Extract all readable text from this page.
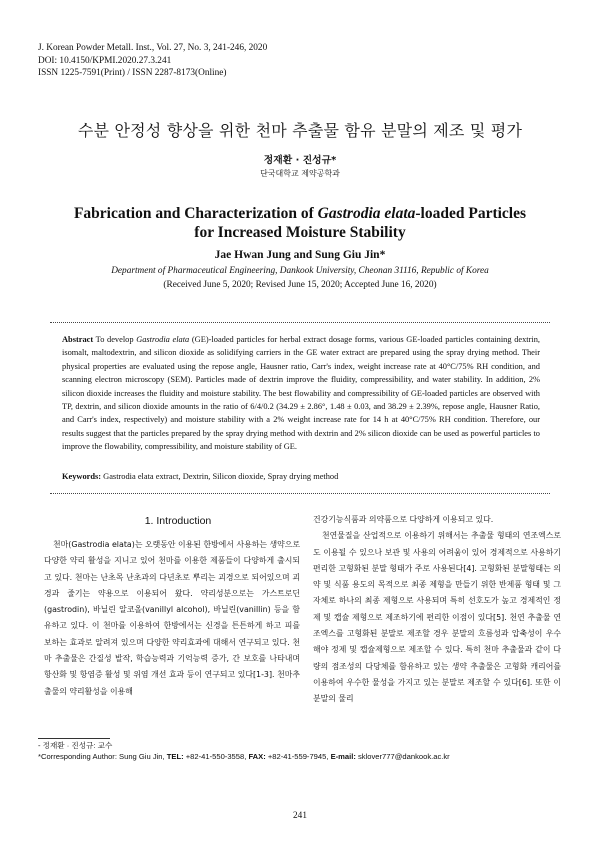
J. Korean Powder Metall. Inst., Vol. 27, No. 3, 241-246, 2020
DOI: 10.4150/KPMI.2020.27.3.241
ISSN 1225-7591(Print) / ISSN 2287-8173(Online)
수분 안정성 향상을 위한 천마 추출물 함유 분말의 제조 및 평가
정재환 · 진성규*
단국대학교 제약공학과
Fabrication and Characterization of Gastrodia elata-loaded Particles
for Increased Moisture Stability
Jae Hwan Jung and Sung Giu Jin*
Department of Pharmaceutical Engineering, Dankook University, Cheonan 31116, Republic of Korea
(Received June 5, 2020; Revised June 15, 2020; Accepted June 16, 2020)
Abstract To develop Gastrodia elata (GE)-loaded particles for herbal extract dosage forms, various GE-loaded particles containing dextrin, isomalt, maltodextrin, and silicon dioxide as solidifying carriers in the GE water extract are prepared using the spray drying method. Their physical properties are evaluated using the repose angle, Hausner ratio, Carr's index, weight increase rate at 40°C/75% RH condition, and scanning electron microscopy (SEM). Particles made of dextrin improve the fluidity, compressibility, and water stability. In addition, 2% silicon dioxide increases the fluidity and moisture stability. The best flowability and compressibility of GE-loaded particles are observed with TP, dextrin, and silicon dioxide amounts in the ratio of 6/4/0.2 (34.29 ± 2.86°, 1.48 ± 0.03, and 38.29 ± 2.39%, repose angle, Hausner Ratio, and Carr's index, respectively) and moisture stability with a 2% weight increase rate for 14 h at 40°C/75% RH condition. Therefore, our results suggest that the particles prepared by the spray drying method with dextrin and 2% silicon dioxide can be used as powerful particles to improve the flowability, compressibility, and moisture stability of GE.
Keywords: Gastrodia elata extract, Dextrin, Silicon dioxide, Spray drying method
1. Introduction

천마(Gastrodia elata)는 오랫동안 이용된 한방에서 사용하는 생약으로 다양한 약리 활성을 지니고 있어 천마를 이용한 제품들이 다양하게 출시되고 있다. 천마는 난초목 난초과의 다년초로 뿌리는 괴경으로 되어있으며 괴경과 줄기는 약용으로 이용되어 왔다. 약리성분으로는 가스트로딘(gastrodin), 바닐린 알코올(vanillyl alcohol), 바닐린(vanillin) 등을 함유하고 있다. 이 천마를 이용하여 한방에서는 신경을 튼튼하게 하고 피를 보하는 효과로 알려져 있으며 다양한 약리효과에 대해서 연구되고 있다. 천마 추출물은 간질성 발작, 학습능력과 기억능력 증가, 간 보호를 나타내며 항산화 및 항염증 활성 및 위염 개선 효과 등이 연구되고 있다[1-3]. 천마추출물의 약리활성을 이용해

건강기능식품과 의약품으로 다양하게 이용되고 있다.

천연물질을 산업적으로 이용하기 위해서는 추출물 형태의 연조엑스로도 이용될 수 있으나 보관 및 사용의 어려움이 있어 경제적으로 사용하기 편리한 고형화된 분말 형태가 주로 사용된다[4]. 고형화된 분말형태는 의약 및 식품 용도의 목적으로 최종 제형을 만들기 위한 반제품 형태 및 그 자체로 하나의 최종 제형으로 사용되며 특히 선호도가 높고 경제적인 정제 및 캡슐 제형으로 제조하기에 편리한 이점이 있다[5]. 천연 추출물 연조엑스를 고형화된 분말로 제조할 경우 분말의 흐름성과 압축성이 우수해야 정제 및 캡슐제형으로 제조할 수 있다. 특히 천마 추출물과 같이 다량의 점조성의 다당체를 함유하고 있는 생약 추출물은 고형화 캐리어를 이용하여 우수한 물성을 가지고 있는 분말로 제조할 수 있다[6]. 또한 이 분말의 물리

- 정재환 · 진성규: 교수
*Corresponding Author: Sung Giu Jin, TEL: +82-41-550-3558, FAX: +82-41-559-7945, E-mail: sklover777@dankook.ac.kr
241
